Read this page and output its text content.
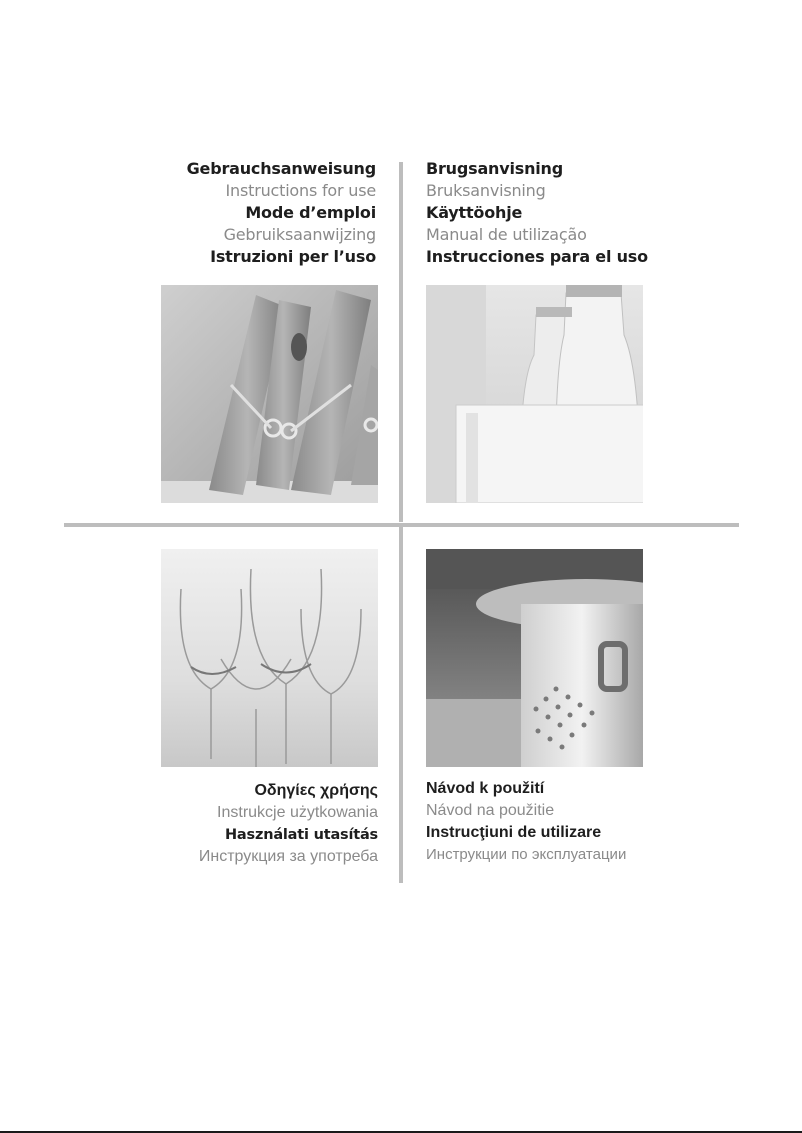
Gebrauchsanweisung
Instructions for use
Mode d’emploi
Gebruiksaanwijzing
Istruzioni per l’uso
Brugsanvisning
Bruksanvisning
Käyttöohje
Manual de utilização
Instrucciones para el uso
Οδηγίες χρήσης
Instrukcje użytkowania
Használati utasítás
Инструкция за употреба
Návod k použití
Návod na použitie
Instrucţiuni de utilizare
Инструкции по эксплуатации
